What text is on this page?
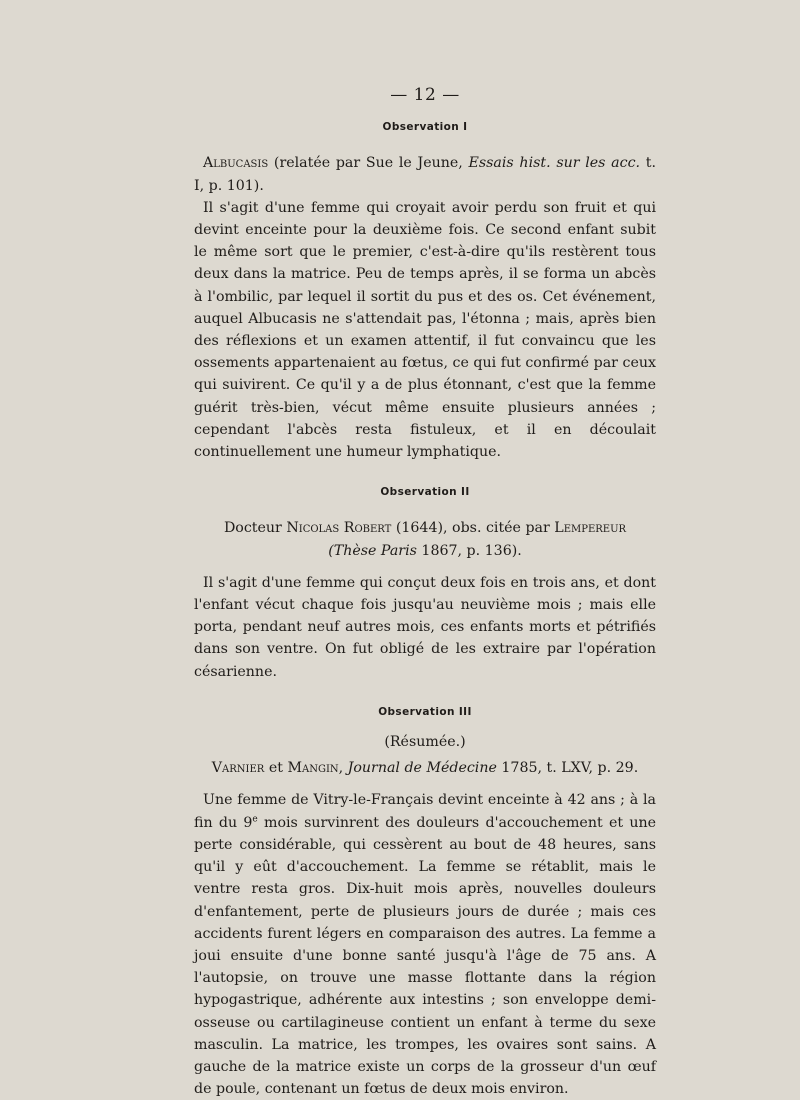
— 12 —
Observation I

Albucasis (relatée par Sue le Jeune, Essais hist. sur les acc. t. I, p. 101).

Il s'agit d'une femme qui croyait avoir perdu son fruit et qui devint enceinte pour la deuxième fois. Ce second enfant subit le même sort que le premier, c'est-à-dire qu'ils restèrent tous deux dans la matrice. Peu de temps après, il se forma un abcès à l'ombilic, par lequel il sortit du pus et des os. Cet événement, auquel Albucasis ne s'attendait pas, l'étonna ; mais, après bien des réflexions et un examen attentif, il fut convaincu que les ossements appartenaient au fœtus, ce qui fut confirmé par ceux qui suivirent. Ce qu'il y a de plus étonnant, c'est que la femme guérit très-bien, vécut même ensuite plusieurs années ; cependant l'abcès resta fistuleux, et il en découlait continuellement une humeur lymphatique.

Observation II

Docteur Nicolas Robert (1644), obs. citée par Lempereur

(Thèse Paris 1867, p. 136).

Il s'agit d'une femme qui conçut deux fois en trois ans, et dont l'enfant vécut chaque fois jusqu'au neuvième mois ; mais elle porta, pendant neuf autres mois, ces enfants morts et pétrifiés dans son ventre. On fut obligé de les extraire par l'opération césarienne.

Observation III

(Résumée.)

Varnier et Mangin, Journal de Médecine 1785, t. LXV, p. 29.

Une femme de Vitry-le-Français devint enceinte à 42 ans ; à la fin du 9e mois survinrent des douleurs d'accouchement et une perte considérable, qui cessèrent au bout de 48 heures, sans qu'il y eût d'accouchement. La femme se rétablit, mais le ventre resta gros. Dix-huit mois après, nouvelles douleurs d'enfantement, perte de plusieurs jours de durée ; mais ces accidents furent légers en comparaison des autres. La femme a joui ensuite d'une bonne santé jusqu'à l'âge de 75 ans. A l'autopsie, on trouve une masse flottante dans la région hypogastrique, adhérente aux intestins ; son enveloppe demi-osseuse ou cartilagineuse contient un enfant à terme du sexe masculin. La matrice, les trompes, les ovaires sont sains. A gauche de la matrice existe un corps de la grosseur d'un œuf de poule, contenant un fœtus de deux mois environ.
